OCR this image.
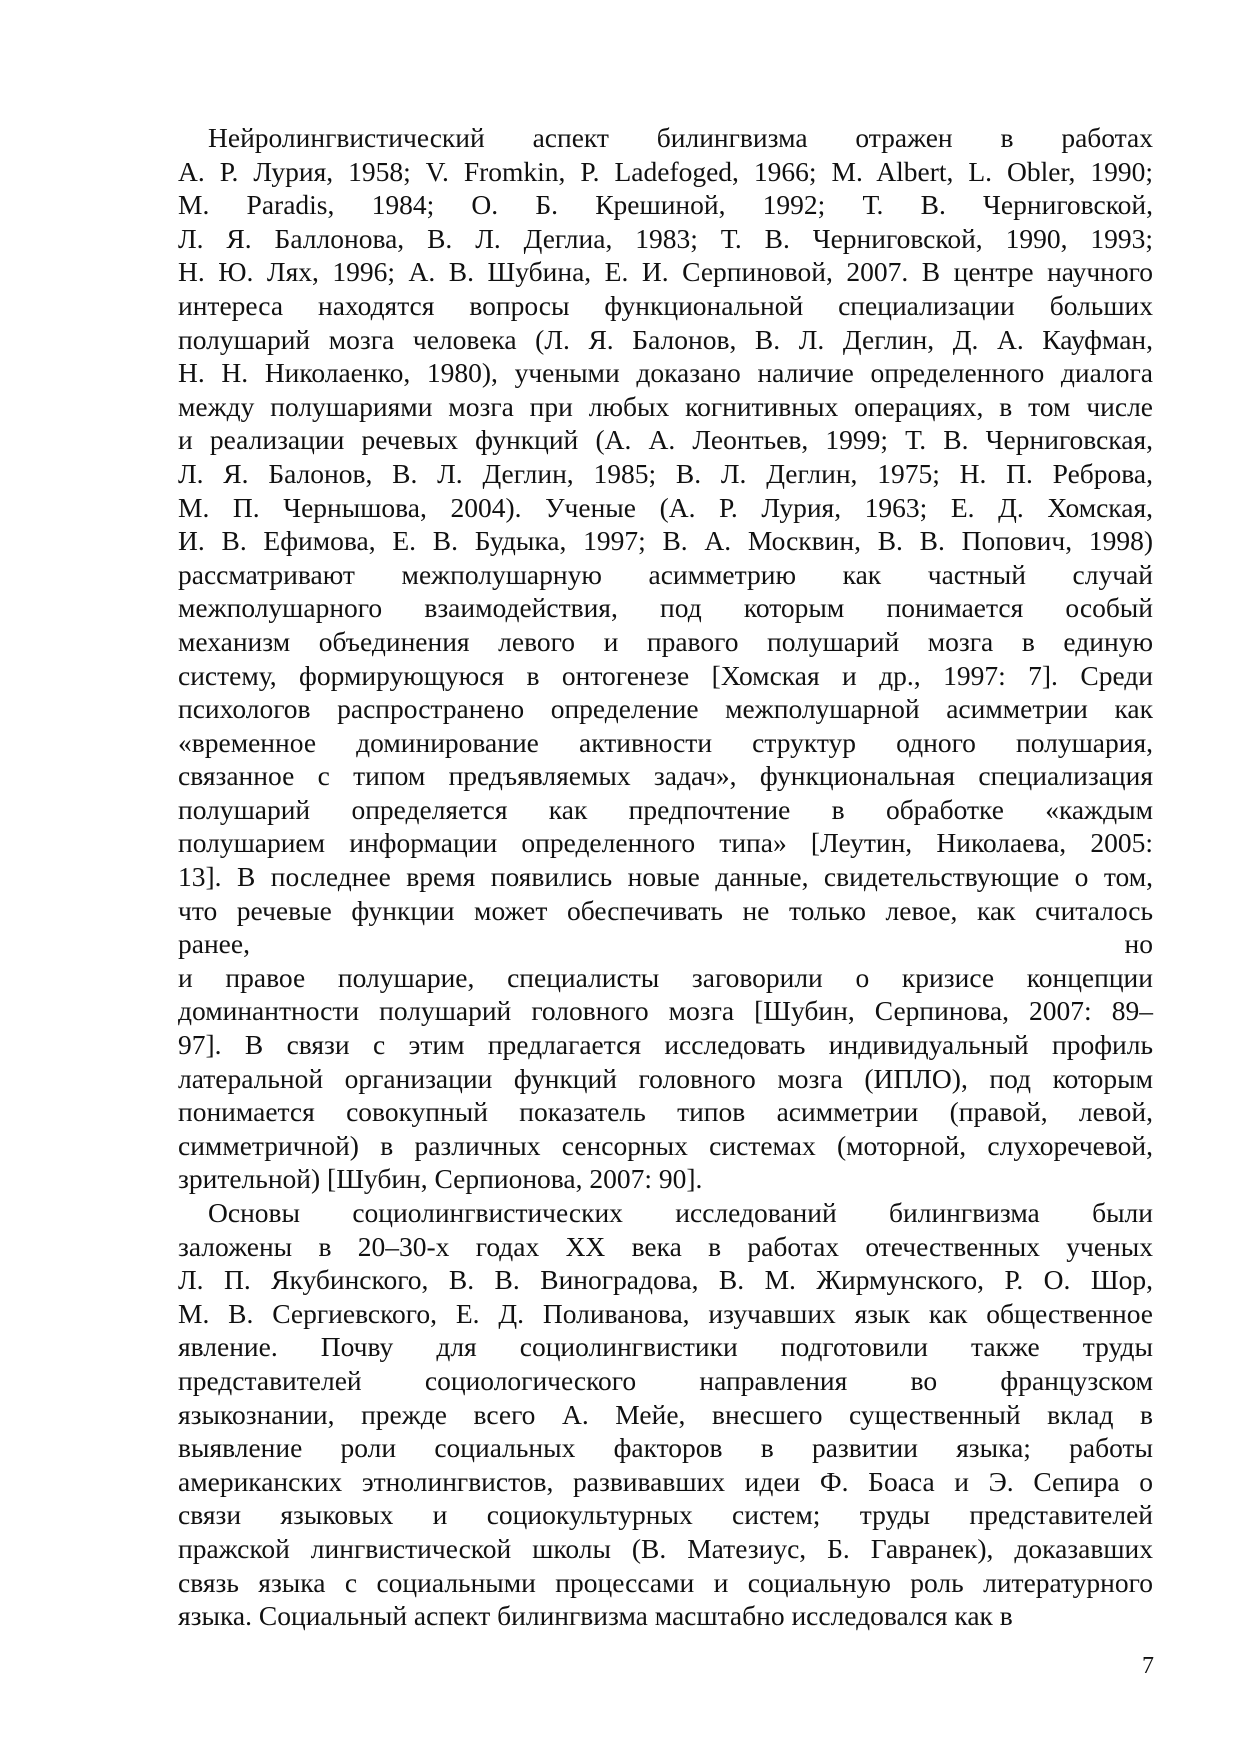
Нейролингвистический аспект билингвизма отражен в работах
А. Р. Лурия, 1958; V. Fromkin, P. Ladefoged, 1966; M. Albert, L. Obler, 1990;
M. Paradis, 1984; О. Б. Крешиной, 1992; Т. В. Черниговской,
Л. Я. Баллонова, В. Л. Деглиа, 1983; Т. В. Черниговской, 1990, 1993;
Н. Ю. Лях, 1996; А. В. Шубина, Е. И. Серпиновой, 2007. В центре научного
интереса находятся вопросы функциональной специализации больших
полушарий мозга человека (Л. Я. Балонов, В. Л. Деглин, Д. А. Кауфман,
Н. Н. Николаенко, 1980), учеными доказано наличие определенного диалога
между полушариями мозга при любых когнитивных операциях, в том числе
и реализации речевых функций (А. А. Леонтьев, 1999; Т. В. Черниговская,
Л. Я. Балонов, В. Л. Деглин, 1985; В. Л. Деглин, 1975; Н. П. Реброва,
М. П. Чернышова, 2004). Ученые (А. Р. Лурия, 1963; Е. Д. Хомская,
И. В. Ефимова, Е. В. Будыка, 1997; В. А. Москвин, В. В. Попович, 1998)
рассматривают межполушарную асимметрию как частный случай
межполушарного взаимодействия, под которым понимается особый
механизм объединения левого и правого полушарий мозга в единую
систему, формирующуюся в онтогенезе [Хомская и др., 1997: 7]. Среди
психологов распространено определение межполушарной асимметрии как
«временное доминирование активности структур одного полушария,
связанное с типом предъявляемых задач», функциональная специализация
полушарий определяется как предпочтение в обработке «каждым
полушарием информации определенного типа» [Леутин, Николаева, 2005:
13]. В последнее время появились новые данные, свидетельствующие о том,
что речевые функции может обеспечивать не только левое, как считалось
ранее, но
и правое полушарие, специалисты заговорили о кризисе концепции
доминантности полушарий головного мозга [Шубин, Серпинова, 2007: 89–
97]. В связи с этим предлагается исследовать индивидуальный профиль
латеральной организации функций головного мозга (ИПЛО), под которым
понимается совокупный показатель типов асимметрии (правой, левой,
симметричной) в различных сенсорных системах (моторной, слухоречевой,
зрительной) [Шубин, Серпионова, 2007: 90].
Основы социолингвистических исследований билингвизма были
заложены в 20–30-х годах XX века в работах отечественных ученых
Л. П. Якубинского, В. В. Виноградова, В. М. Жирмунского, Р. О. Шор,
М. В. Сергиевского, Е. Д. Поливанова, изучавших язык как общественное
явление. Почву для социолингвистики подготовили также труды
представителей социологического направления во французском
языкознании, прежде всего А. Мейе, внесшего существенный вклад в
выявление роли социальных факторов в развитии языка; работы
американских этнолингвистов, развивавших идеи Ф. Боаса и Э. Сепира о
связи языковых и социокультурных систем; труды представителей
пражской лингвистической школы (В. Матезиус, Б. Гавранек), доказавших
связь языка с социальными процессами и социальную роль литературного
языка. Социальный аспект билингвизма масштабно исследовался как в
7
